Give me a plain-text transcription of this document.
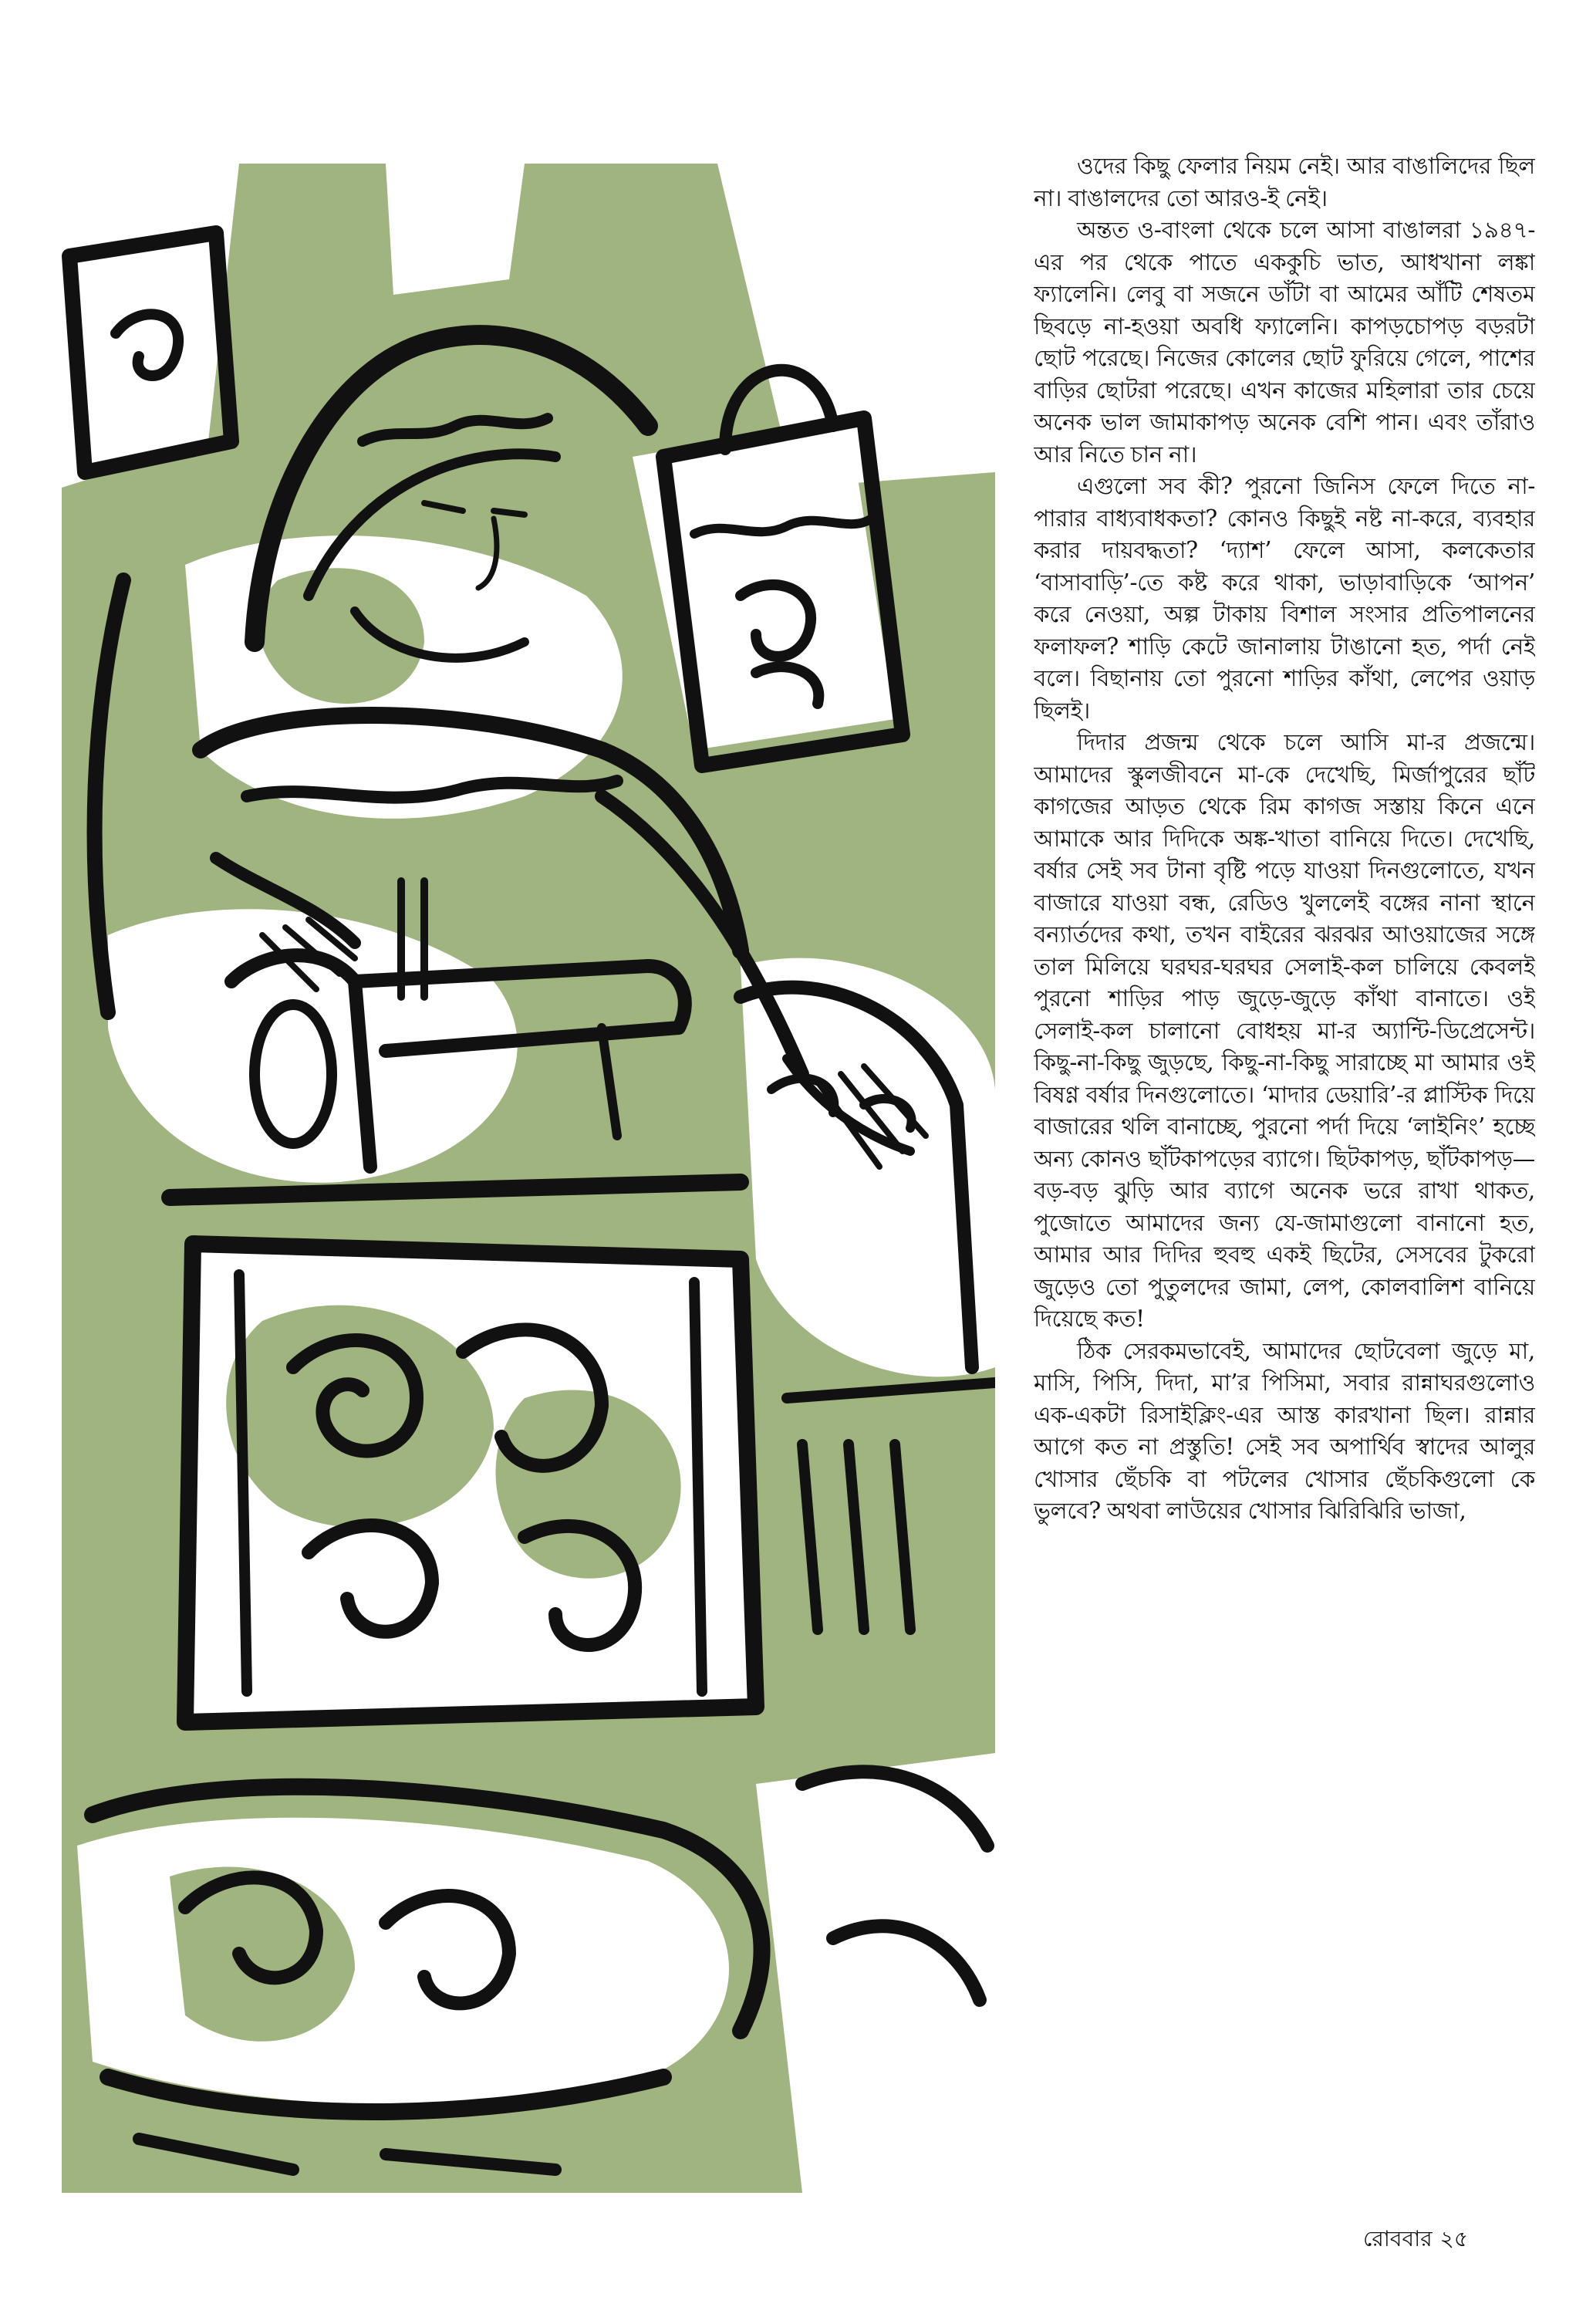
ওদের কিছু ফেলার নিয়ম নেই। আর বাঙালিদের ছিল না। বাঙালদের তো আরও-ই নেই।

অন্তত ও-বাংলা থেকে চলে আসা বাঙালরা ১৯৪৭-এর পর থেকে পাতে এককুচি ভাত, আধখানা লঙ্কা ফ্যালেনি। লেবু বা সজনে ডাঁটা বা আমের আঁটি শেষতম ছিবড়ে না-হওয়া অবধি ফ্যালেনি। কাপড়চোপড় বড়রটা ছোট পরেছে। নিজের কোলের ছোট ফুরিয়ে গেলে, পাশের বাড়ির ছোটরা পরেছে। এখন কাজের মহিলারা তার চেয়ে অনেক ভাল জামাকাপড় অনেক বেশি পান। এবং তাঁরাও আর নিতে চান না।

এগুলো সব কী? পুরনো জিনিস ফেলে দিতে না-পারার বাধ্যবাধকতা? কোনও কিছুই নষ্ট না-করে, ব্যবহার করার দায়বদ্ধতা? ‘দ্যাশ’ ফেলে আসা, কলকেতার ‘বাসাবাড়ি’-তে কষ্ট করে থাকা, ভাড়াবাড়িকে ‘আপন’ করে নেওয়া, অল্প টাকায় বিশাল সংসার প্রতিপালনের ফলাফল? শাড়ি কেটে জানালায় টাঙানো হত, পর্দা নেই বলে। বিছানায় তো পুরনো শাড়ির কাঁথা, লেপের ওয়াড় ছিলই।

দিদার প্রজন্ম থেকে চলে আসি মা-র প্রজন্মে। আমাদের স্কুলজীবনে মা-কে দেখেছি, মির্জাপুরের ছাঁট কাগজের আড়ত থেকে রিম কাগজ সস্তায় কিনে এনে আমাকে আর দিদিকে অঙ্ক-খাতা বানিয়ে দিতে। দেখেছি, বর্ষার সেই সব টানা বৃষ্টি পড়ে যাওয়া দিনগুলোতে, যখন বাজারে যাওয়া বন্ধ, রেডিও খুললেই বঙ্গের নানা স্থানে বন্যার্তদের কথা, তখন বাইরের ঝরঝর আওয়াজের সঙ্গে তাল মিলিয়ে ঘরঘর-ঘরঘর সেলাই-কল চালিয়ে কেবলই পুরনো শাড়ির পাড় জুড়ে-জুড়ে কাঁথা বানাতে। ওই সেলাই-কল চালানো বোধহয় মা-র অ্যান্টি-ডিপ্রেসেন্ট। কিছু-না-কিছু জুড়ছে, কিছু-না-কিছু সারাচ্ছে মা আমার ওই বিষণ্ণ বর্ষার দিনগুলোতে। ‘মাদার ডেয়ারি’-র প্লাস্টিক দিয়ে বাজারের থলি বানাচ্ছে, পুরনো পর্দা দিয়ে ‘লাইনিং’ হচ্ছে অন্য কোনও ছাঁটকাপড়ের ব্যাগে। ছিটকাপড়, ছাঁটকাপড়—বড়-বড় ঝুড়ি আর ব্যাগে অনেক ভরে রাখা থাকত, পুজোতে আমাদের জন্য যে-জামাগুলো বানানো হত, আমার আর দিদির হুবহু একই ছিটের, সেসবের টুকরো জুড়েও তো পুতুলদের জামা, লেপ, কোলবালিশ বানিয়ে দিয়েছে কত!

ঠিক সেরকমভাবেই, আমাদের ছোটবেলা জুড়ে মা, মাসি, পিসি, দিদা, মা’র পিসিমা, সবার রান্নাঘরগুলোও এক-একটা রিসাইক্লিং-এর আস্ত কারখানা ছিল। রান্নার আগে কত না প্রস্তুতি! সেই সব অপার্থিব স্বাদের আলুর খোসার ছেঁচকি বা পটলের খোসার ছেঁচকিগুলো কে ভুলবে? অথবা লাউয়ের খোসার ঝিরিঝিরি ভাজা,

রোববার ২৫
